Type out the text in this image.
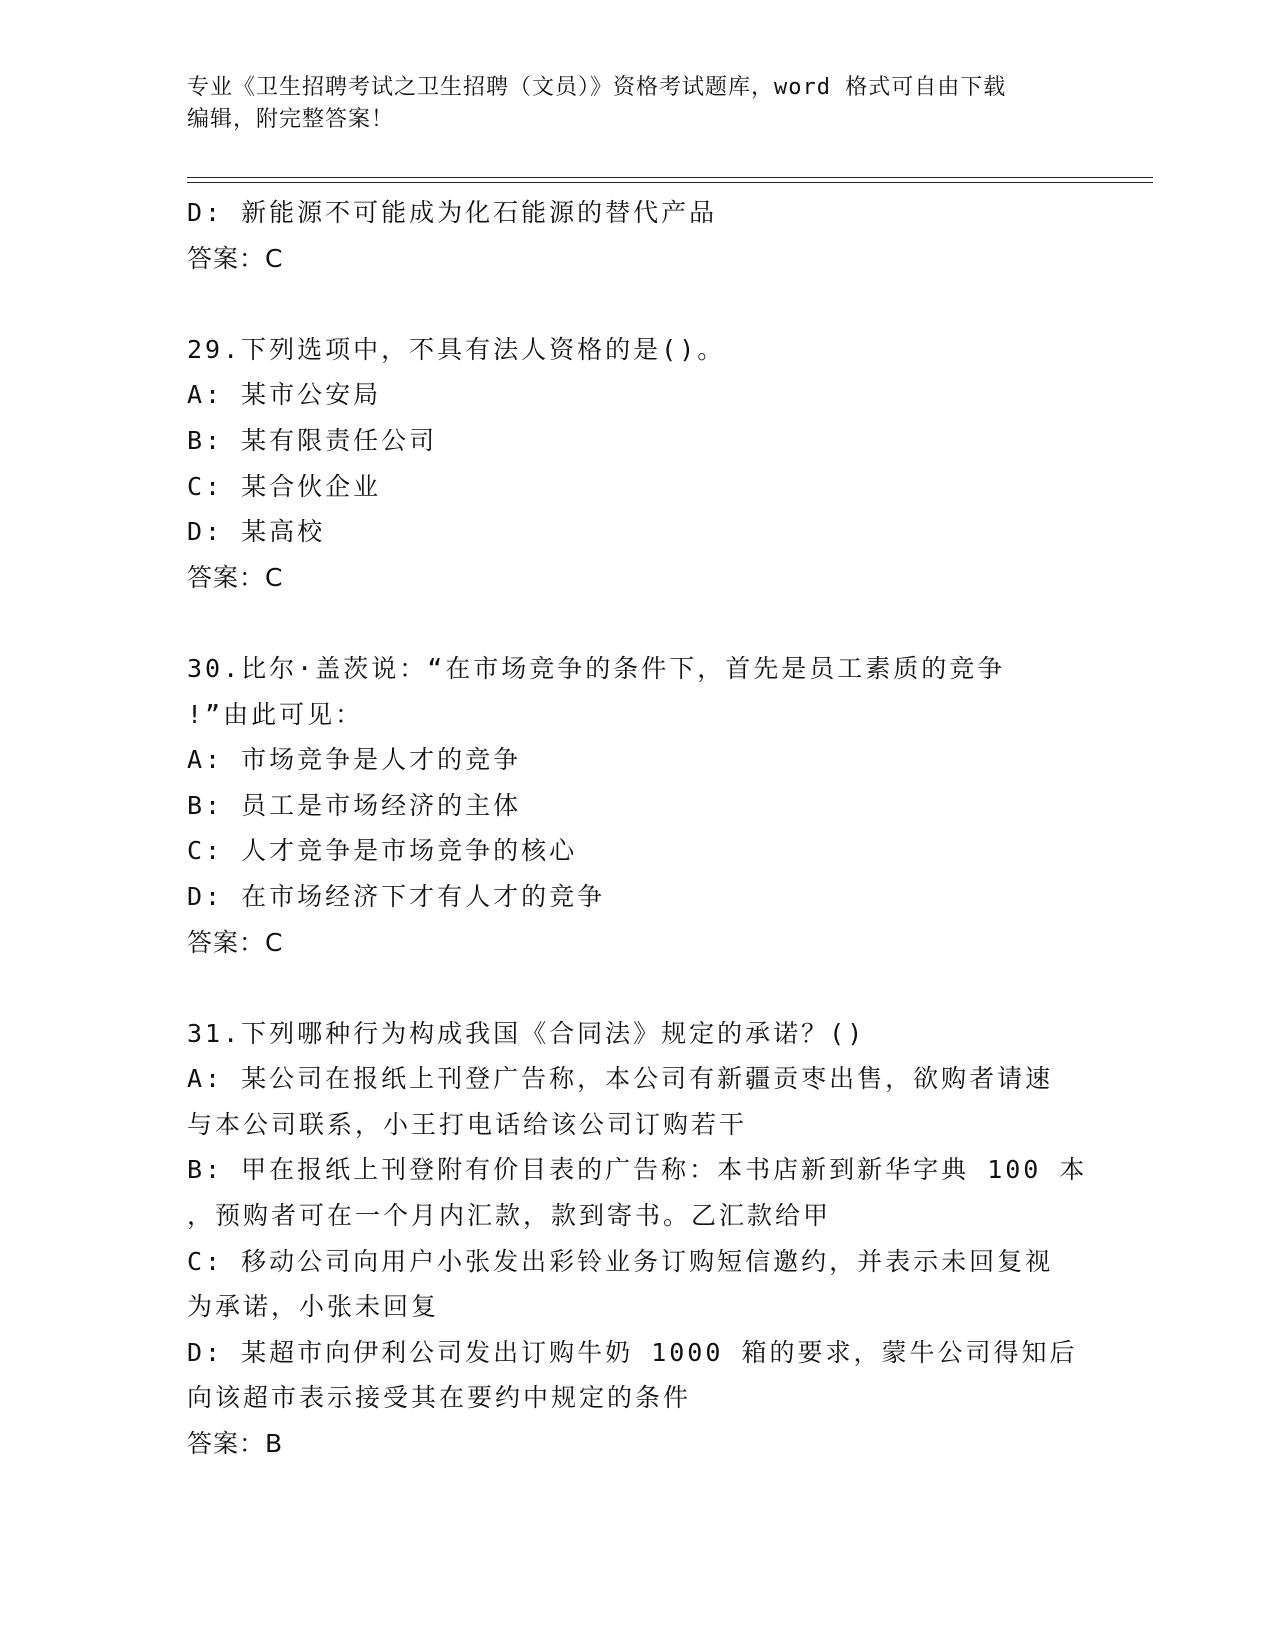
专业《卫生招聘考试之卫生招聘（文员）》资格考试题库，word 格式可自由下载
编辑，附完整答案！
D: 新能源不可能成为化石能源的替代产品
答案：C
29.下列选项中，不具有法人资格的是()。
A: 某市公安局
B: 某有限责任公司
C: 某合伙企业
D: 某高校
答案：C
30.比尔·盖茨说：“在市场竞争的条件下，首先是员工素质的竞争
!”由此可见：
A: 市场竞争是人才的竞争
B: 员工是市场经济的主体
C: 人才竞争是市场竞争的核心
D: 在市场经济下才有人才的竞争
答案：C
31.下列哪种行为构成我国《合同法》规定的承诺？()
A: 某公司在报纸上刊登广告称，本公司有新疆贡枣出售，欲购者请速
与本公司联系，小王打电话给该公司订购若干
B: 甲在报纸上刊登附有价目表的广告称：本书店新到新华字典 100 本
，预购者可在一个月内汇款，款到寄书。乙汇款给甲
C: 移动公司向用户小张发出彩铃业务订购短信邀约，并表示未回复视
为承诺，小张未回复
D: 某超市向伊利公司发出订购牛奶 1000 箱的要求，蒙牛公司得知后
向该超市表示接受其在要约中规定的条件
答案：B
